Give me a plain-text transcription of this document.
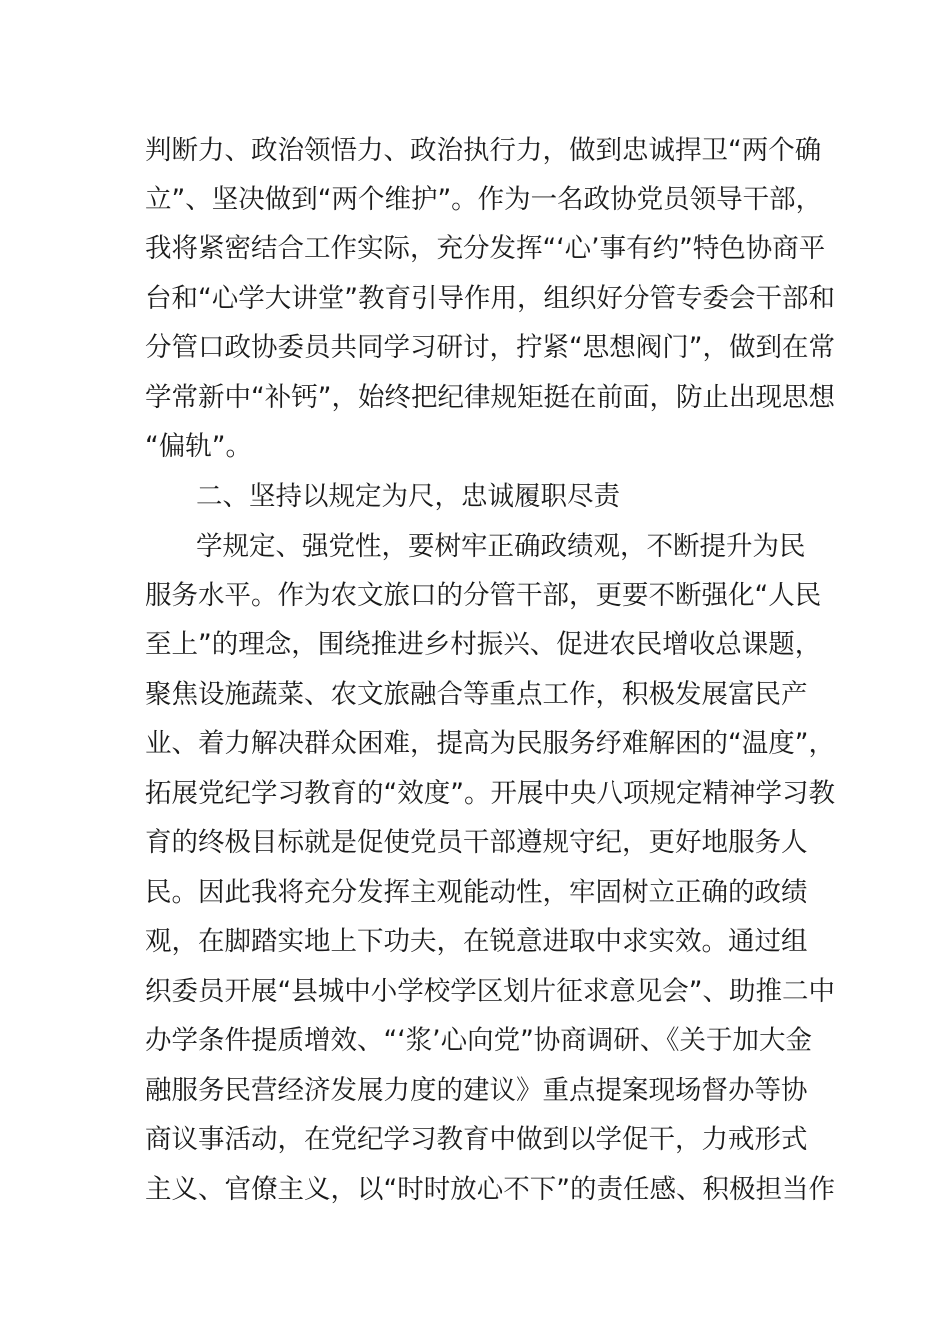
判断力、政治领悟力、政治执行力，做到忠诚捍卫“两个确
立”、坚决做到“两个维护”。作为一名政协党员领导干部，
我将紧密结合工作实际，充分发挥“‘心’事有约”特色协商平
台和“心学大讲堂”教育引导作用，组织好分管专委会干部和
分管口政协委员共同学习研讨，拧紧“思想阀门”，做到在常
学常新中“补钙”，始终把纪律规矩挺在前面，防止出现思想
“偏轨”。
二、坚持以规定为尺，忠诚履职尽责
学规定、强党性，要树牢正确政绩观，不断提升为民
服务水平。作为农文旅口的分管干部，更要不断强化“人民
至上”的理念，围绕推进乡村振兴、促进农民增收总课题，
聚焦设施蔬菜、农文旅融合等重点工作，积极发展富民产
业、着力解决群众困难，提高为民服务纾难解困的“温度”，
拓展党纪学习教育的“效度”。开展中央八项规定精神学习教
育的终极目标就是促使党员干部遵规守纪，更好地服务人
民。因此我将充分发挥主观能动性，牢固树立正确的政绩
观，在脚踏实地上下功夫，在锐意进取中求实效。通过组
织委员开展“县城中小学校学区划片征求意见会”、助推二中
办学条件提质增效、“‘浆’心向党”协商调研、《关于加大金
融服务民营经济发展力度的建议》重点提案现场督办等协
商议事活动，在党纪学习教育中做到以学促干，力戒形式
主义、官僚主义，以“时时放心不下”的责任感、积极担当作
